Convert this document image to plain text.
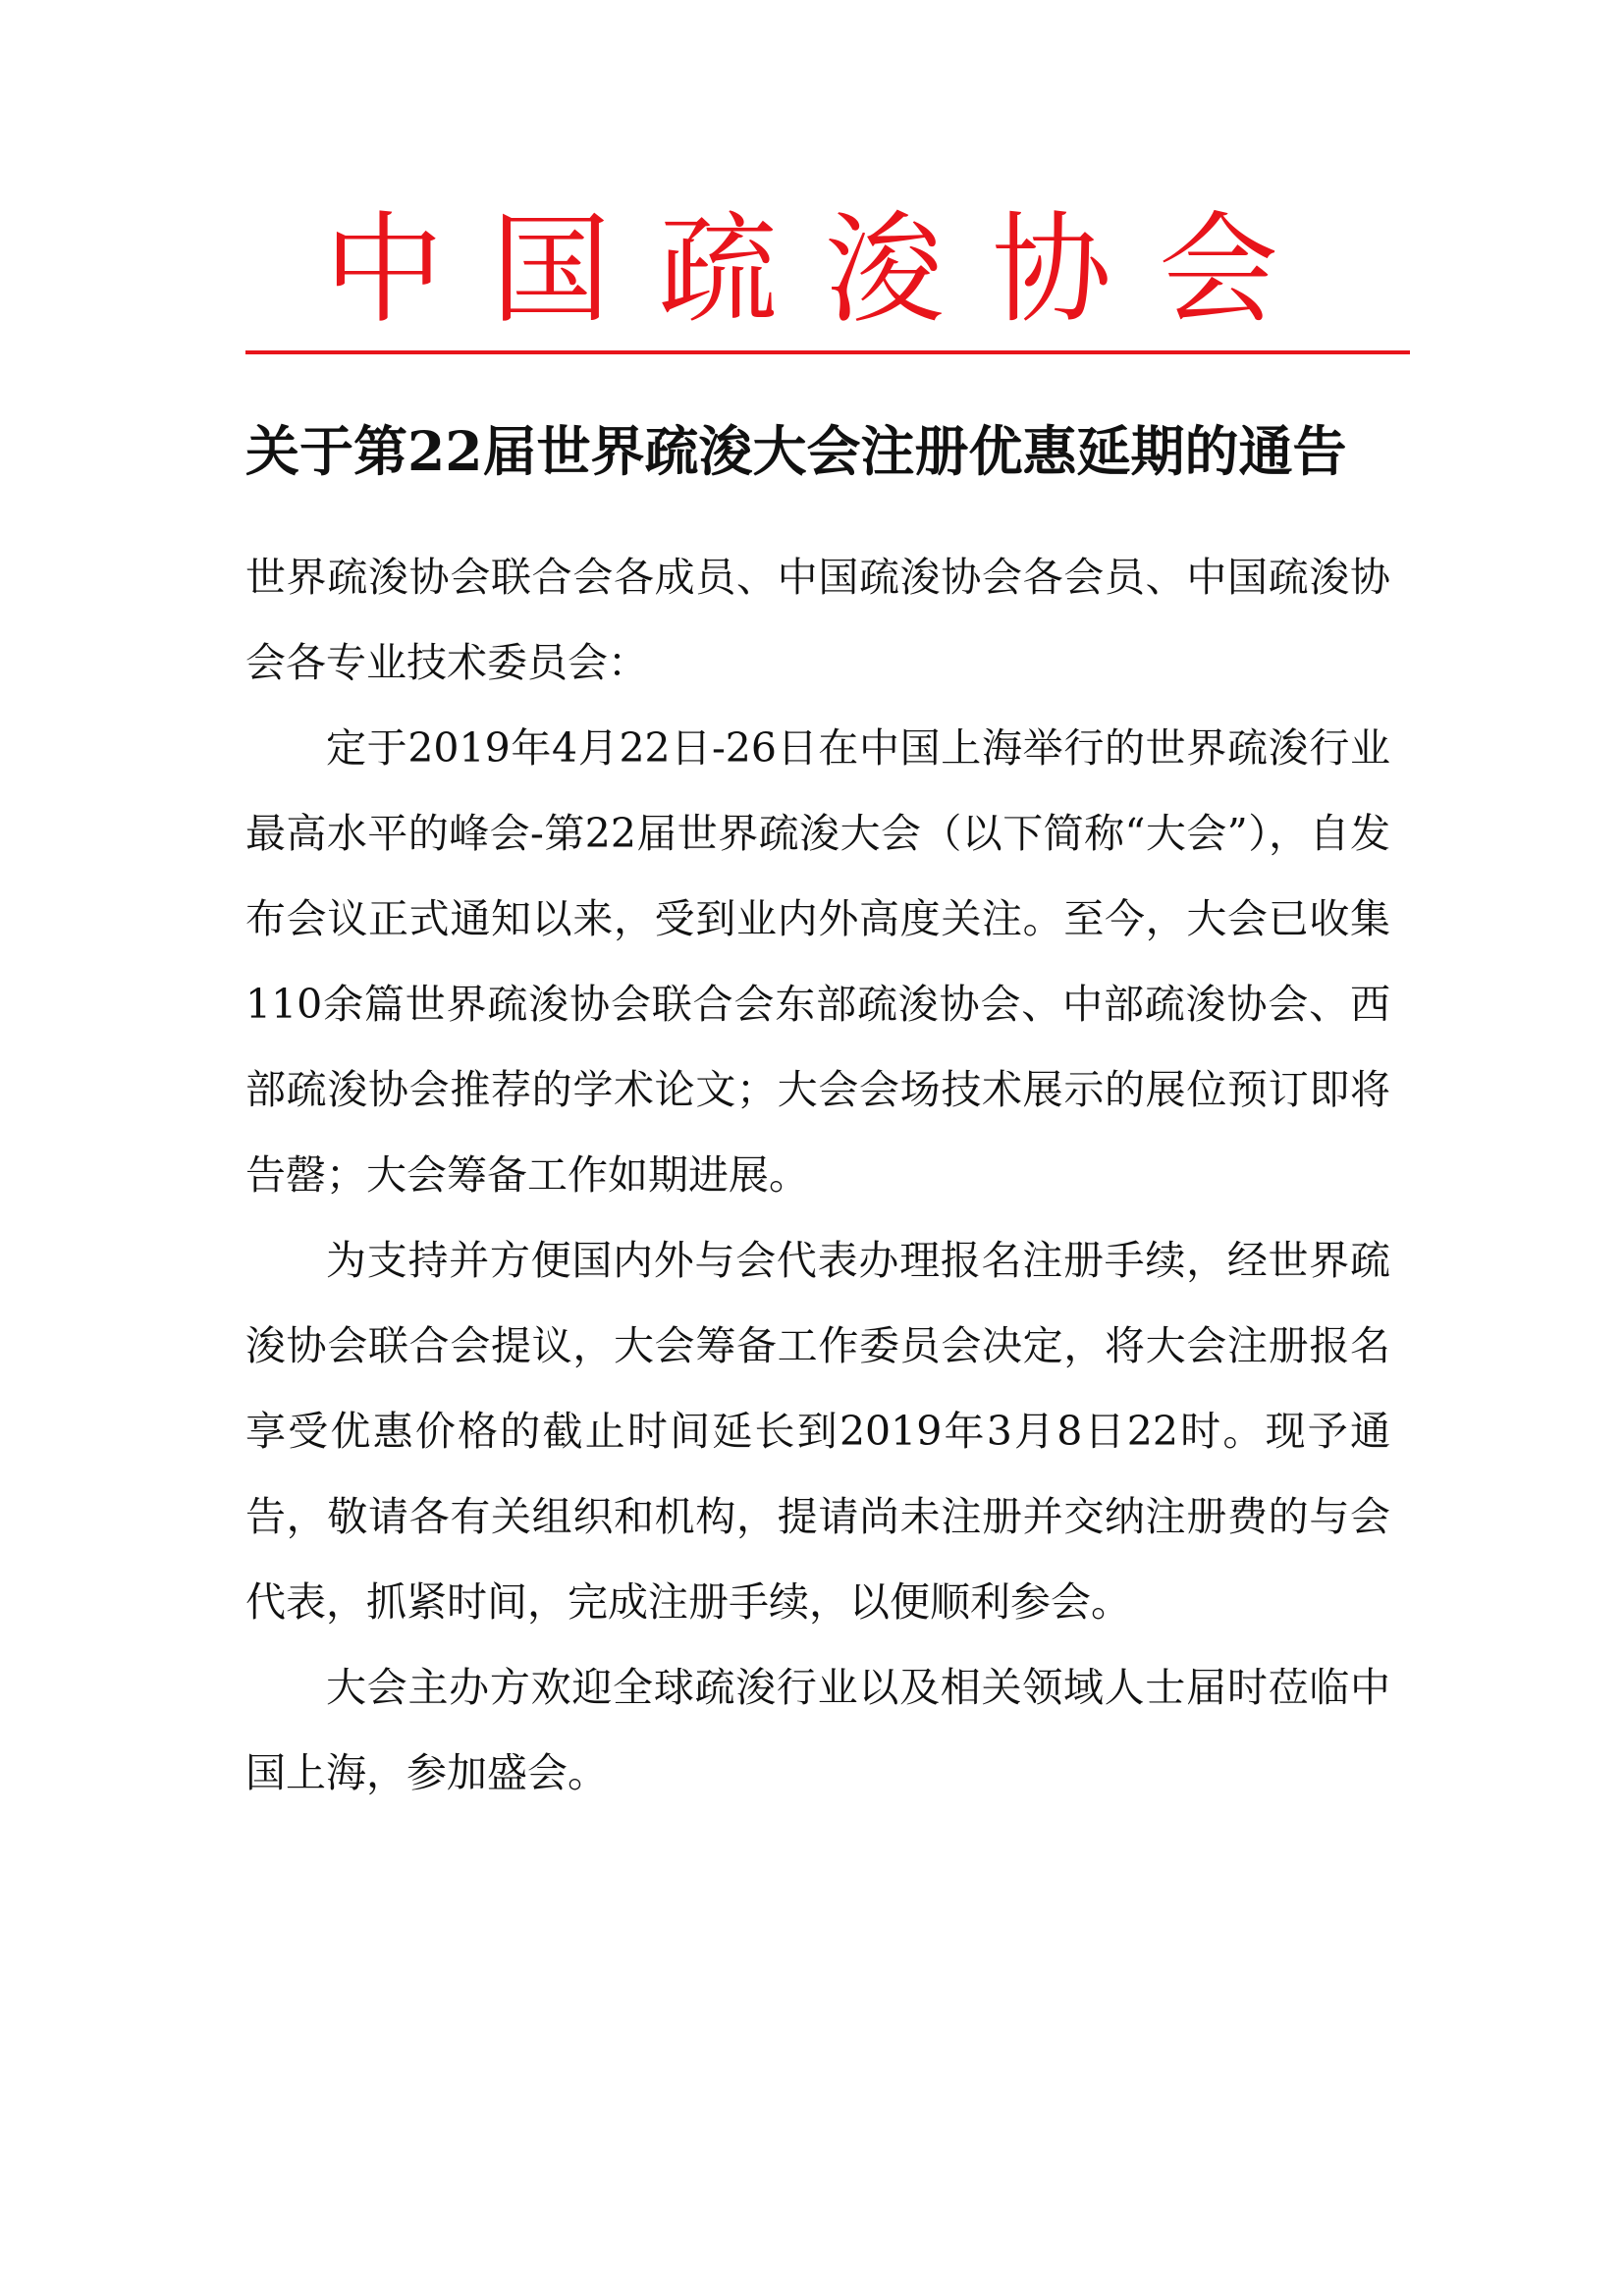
中国疏浚协会
关于第22届世界疏浚大会注册优惠延期的通告

世界疏浚协会联合会各成员、中国疏浚协会各会员、中国疏浚协会各专业技术委员会：

定于2019年4月22日-26日在中国上海举行的世界疏浚行业最高水平的峰会-第22届世界疏浚大会（以下简称“大会”），自发布会议正式通知以来，受到业内外高度关注。至今，大会已收集110余篇世界疏浚协会联合会东部疏浚协会、中部疏浚协会、西部疏浚协会推荐的学术论文；大会会场技术展示的展位预订即将告罄；大会筹备工作如期进展。

为支持并方便国内外与会代表办理报名注册手续，经世界疏浚协会联合会提议，大会筹备工作委员会决定，将大会注册报名享受优惠价格的截止时间延长到2019年3月8日22时。现予通告，敬请各有关组织和机构，提请尚未注册并交纳注册费的与会代表，抓紧时间，完成注册手续，以便顺利参会。

大会主办方欢迎全球疏浚行业以及相关领域人士届时莅临中国上海，参加盛会。
